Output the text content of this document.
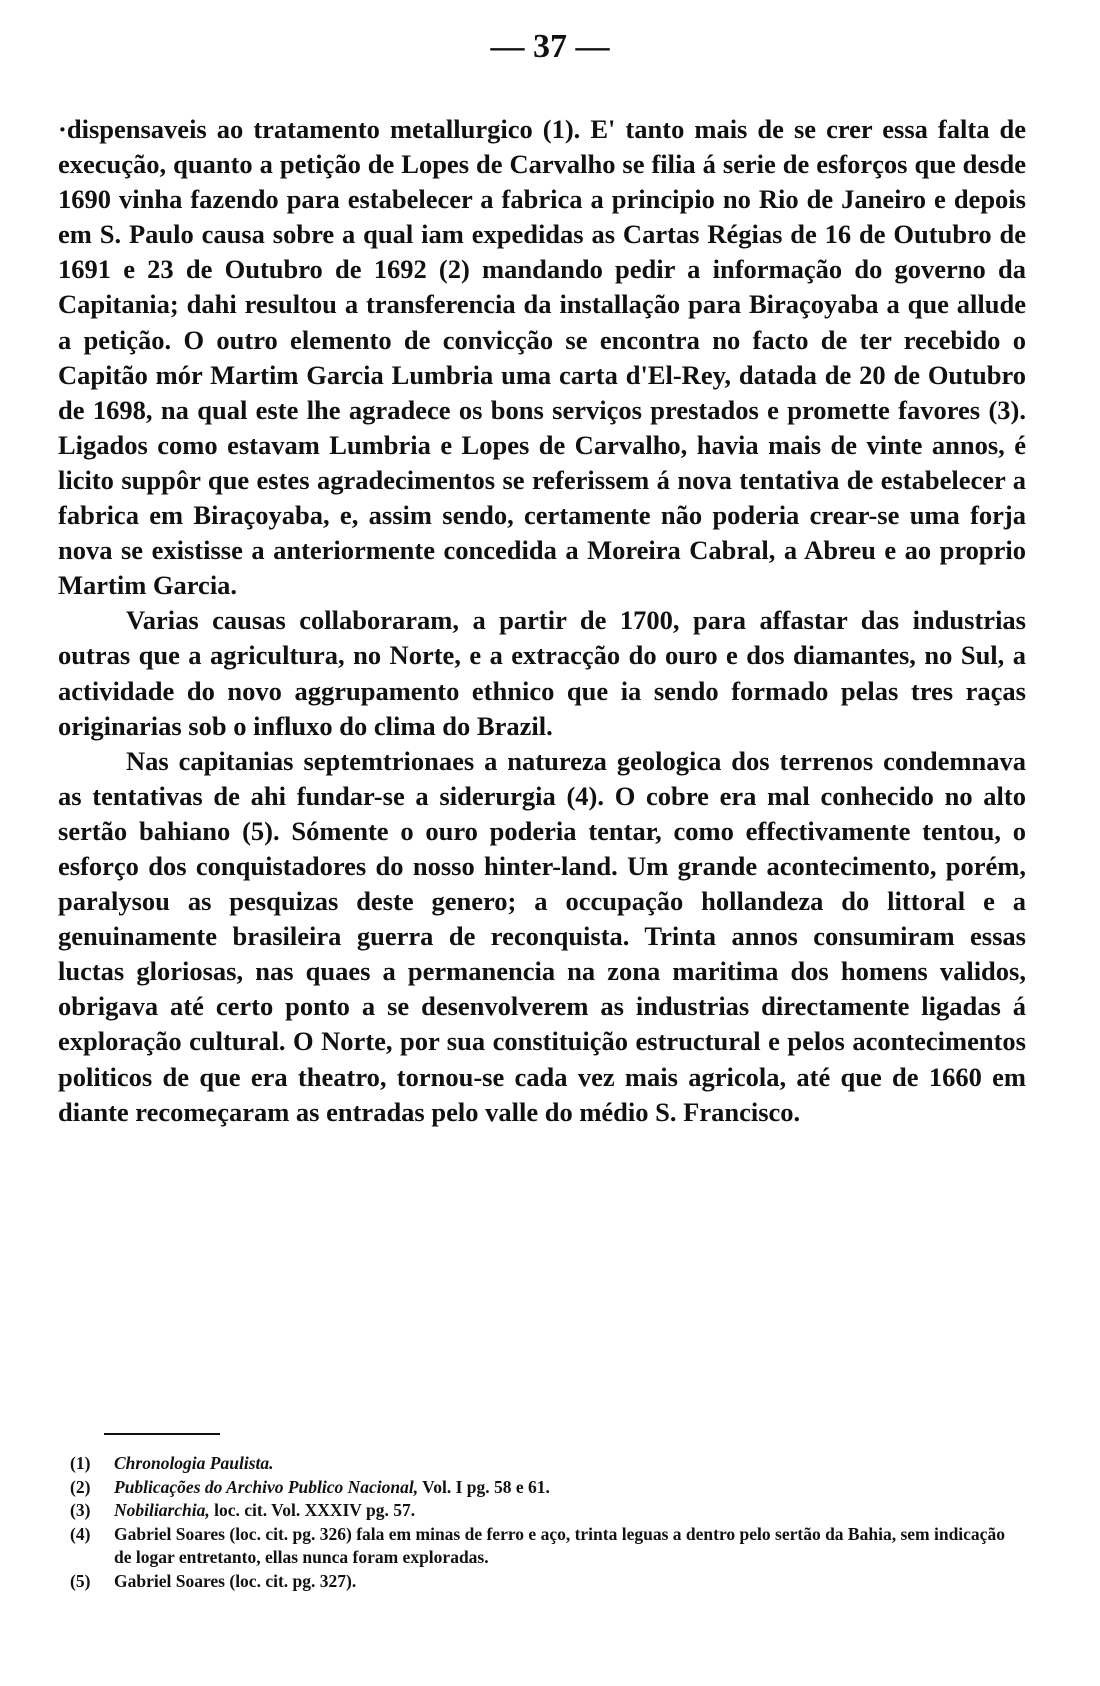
— 37 —

·dispensaveis ao tratamento metallurgico (1). E' tanto mais de se crer essa falta de execução, quanto a petição de Lopes de Carvalho se filia á serie de esforços que desde 1690 vinha fazendo para estabelecer a fabrica a principio no Rio de Janeiro e depois em S. Paulo causa sobre a qual iam expedidas as Cartas Régias de 16 de Outubro de 1691 e 23 de Outubro de 1692 (2) mandando pedir a informação do governo da Capitania; dahi resultou a transferencia da installação para Biraçoyaba a que allude a petição. O outro elemento de convicção se encontra no facto de ter recebido o Capitão mór Martim Garcia Lumbria uma carta d'El-Rey, datada de 20 de Outubro de 1698, na qual este lhe agradece os bons serviços prestados e promette favores (3). Ligados como estavam Lumbria e Lopes de Carvalho, havia mais de vinte annos, é licito suppôr que estes agradecimentos se referissem á nova tentativa de estabelecer a fabrica em Biraçoyaba, e, assim sendo, certamente não poderia crear-se uma forja nova se existisse a anteriormente concedida a Moreira Cabral, a Abreu e ao proprio Martim Garcia.

Varias causas collaboraram, a partir de 1700, para affastar das industrias outras que a agricultura, no Norte, e a extracção do ouro e dos diamantes, no Sul, a actividade do novo aggrupamento ethnico que ia sendo formado pelas tres raças originarias sob o influxo do clima do Brazil.

Nas capitanias septemtrionaes a natureza geologica dos terrenos condemnava as tentativas de ahi fundar-se a siderurgia (4). O cobre era mal conhecido no alto sertão bahiano (5). Sómente o ouro poderia tentar, como effectivamente tentou, o esforço dos conquistadores do nosso hinter-land. Um grande acontecimento, porém, paralysou as pesquizas deste genero; a occupação hollandeza do littoral e a genuinamente brasileira guerra de reconquista. Trinta annos consumiram essas luctas gloriosas, nas quaes a permanencia na zona maritima dos homens validos, obrigava até certo ponto a se desenvolverem as industrias directamente ligadas á exploração cultural. O Norte, por sua constituição estructural e pelos acontecimentos politicos de que era theatro, tornou-se cada vez mais agricola, até que de 1660 em diante recomeçaram as entradas pelo valle do médio S. Francisco.

(1) Chronologia Paulista.

(2) Publicações do Archivo Publico Nacional, Vol. I pg. 58 e 61.

(3) Nobiliarchia, loc. cit. Vol. XXXIV pg. 57.

(4) Gabriel Soares (loc. cit. pg. 326) fala em minas de ferro e aço, trinta leguas a dentro pelo sertão da Bahia, sem indicação de logar entretanto, ellas nunca foram exploradas.

(5) Gabriel Soares (loc. cit. pg. 327).
